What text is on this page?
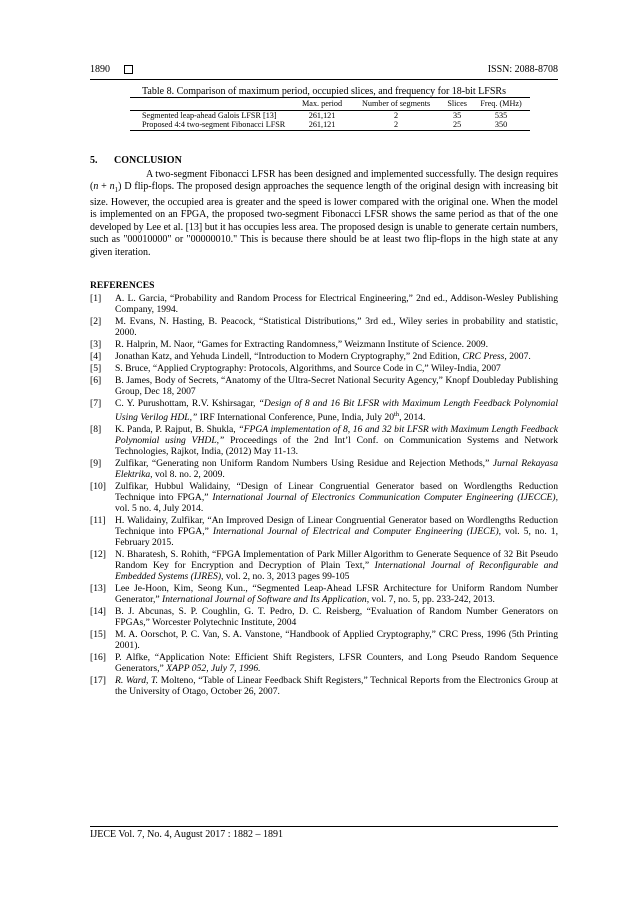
1890	ISSN: 2088-8708
Table 8. Comparison of maximum period, occupied slices, and frequency for 18-bit LFSRs
	Max. period	Number of segments	Slices	Freq. (MHz)
Segmented leap-ahead Galois LFSR [13]	261,121	2	35	535
Proposed 4:4 two-segment Fibonacci LFSR	261,121	2	25	350
5. CONCLUSION

A two-segment Fibonacci LFSR has been designed and implemented successfully. The design requires $(n + n_1)$ D flip-flops. The proposed design approaches the sequence length of the original design with increasing bit size. However, the occupied area is greater and the speed is lower compared with the original one. When the model is implemented on an FPGA, the proposed two-segment Fibonacci LFSR shows the same period as that of the one developed by Lee et al. [13] but it has occupies less area. The proposed design is unable to generate certain numbers, such as "00010000" or "00000010." This is because there should be at least two flip-flops in the high state at any given iteration.

REFERENCES
[1]	A. L. Garcia, “Probability and Random Process for Electrical Engineering,” 2nd ed., Addison-Wesley Publishing Company, 1994.
[2]	M. Evans, N. Hasting, B. Peacock, “Statistical Distributions,” 3rd ed., Wiley series in probability and statistic, 2000.
[3]	R. Halprin, M. Naor, “Games for Extracting Randomness,” Weizmann Institute of Science. 2009.
[4]	Jonathan Katz, and Yehuda Lindell, “Introduction to Modern Cryptography,” 2nd Edition, CRC Press, 2007.
[5]	S. Bruce, “Applied Cryptography: Protocols, Algorithms, and Source Code in C,” Wiley-India, 2007
[6]	B. James, Body of Secrets, “Anatomy of the Ultra-Secret National Security Agency,” Knopf Doubleday Publishing Group, Dec 18, 2007
[7]	C. Y. Purushottam, R.V. Kshirsagar, “Design of 8 and 16 Bit LFSR with Maximum Length Feedback Polynomial Using Verilog HDL,” IRF International Conference, Pune, India, July 20th, 2014.
[8]	K. Panda, P. Rajput, B. Shukla, “FPGA implementation of 8, 16 and 32 bit LFSR with Maximum Length Feedback Polynomial using VHDL,” Proceedings of the 2nd Int’l Conf. on Communication Systems and Network Technologies, Rajkot, India, (2012) May 11-13.
[9]	Zulfikar, “Generating non Uniform Random Numbers Using Residue and Rejection Methods,” Jurnal Rekayasa Elektrika, vol 8. no. 2, 2009.
[10] Zulfikar, Hubbul Walidainy, “Design of Linear Congruential Generator based on Wordlengths Reduction Technique into FPGA,” International Journal of Electronics Communication Computer Engineering (IJECCE), vol. 5 no. 4, July 2014.
[11] H. Walidainy, Zulfikar, “An Improved Design of Linear Congruential Generator based on Wordlengths Reduction Technique into FPGA,” International Journal of Electrical and Computer Engineering (IJECE), vol. 5, no. 1, February 2015.
[12] N. Bharatesh, S. Rohith, “FPGA Implementation of Park Miller Algorithm to Generate Sequence of 32 Bit Pseudo Random Key for Encryption and Decryption of Plain Text,” International Journal of Reconfigurable and Embedded Systems (IJRES), vol. 2, no. 3, 2013 pages 99-105
[13] Lee Je-Hoon, Kim, Seong Kun., “Segmented Leap-Ahead LFSR Architecture for Uniform Random Number Generator,” International Journal of Software and Its Application, vol. 7, no. 5, pp. 233-242, 2013.
[14] B. J. Abcunas, S. P. Coughlin, G. T. Pedro, D. C. Reisberg, “Evaluation of Random Number Generators on FPGAs,” Worcester Polytechnic Institute, 2004
[15] M. A. Oorschot, P. C. Van, S. A. Vanstone, “Handbook of Applied Cryptography,” CRC Press, 1996 (5th Printing 2001).
[16] P. Alfke, “Application Note: Efficient Shift Registers, LFSR Counters, and Long Pseudo Random Sequence Generators,” XAPP 052, July 7, 1996.
[17] R. Ward, T. Molteno, “Table of Linear Feedback Shift Registers,” Technical Reports from the Electronics Group at the University of Otago, October 26, 2007.
IJECE Vol. 7, No. 4, August 2017 : 1882 – 1891
